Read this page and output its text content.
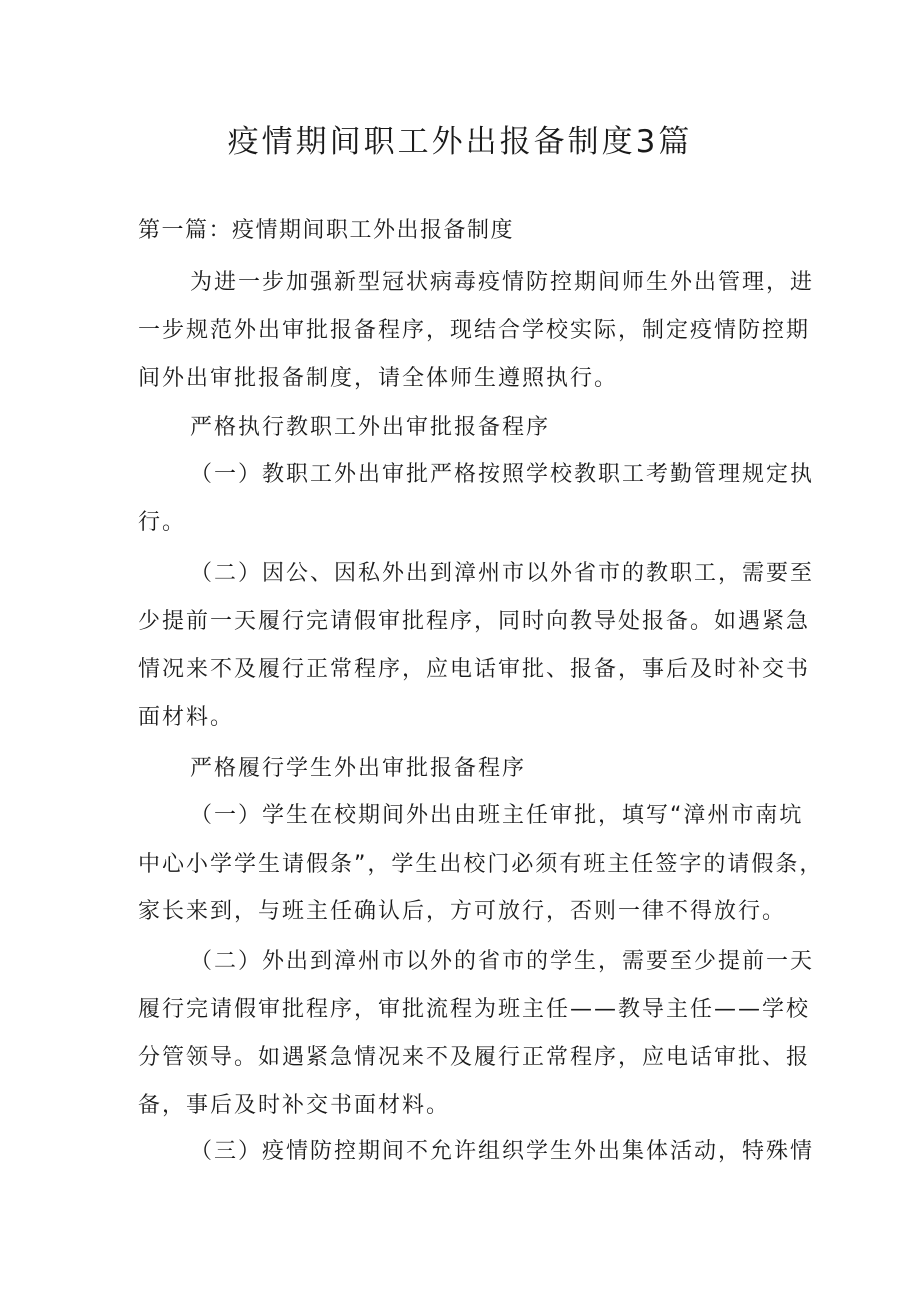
疫情期间职工外出报备制度3篇
第一篇：疫情期间职工外出报备制度

为进一步加强新型冠状病毒疫情防控期间师生外出管理，进

一步规范外出审批报备程序，现结合学校实际，制定疫情防控期

间外出审批报备制度，请全体师生遵照执行。

严格执行教职工外出审批报备程序

（一）教职工外出审批严格按照学校教职工考勤管理规定执

行。

（二）因公、因私外出到漳州市以外省市的教职工，需要至

少提前一天履行完请假审批程序，同时向教导处报备。如遇紧急

情况来不及履行正常程序，应电话审批、报备，事后及时补交书

面材料。

严格履行学生外出审批报备程序

（一）学生在校期间外出由班主任审批，填写“漳州市南坑

中心小学学生请假条”，学生出校门必须有班主任签字的请假条，

家长来到，与班主任确认后，方可放行，否则一律不得放行。

（二）外出到漳州市以外的省市的学生，需要至少提前一天

履行完请假审批程序，审批流程为班主任——教导主任——学校

分管领导。如遇紧急情况来不及履行正常程序，应电话审批、报

备，事后及时补交书面材料。

（三）疫情防控期间不允许组织学生外出集体活动，特殊情
